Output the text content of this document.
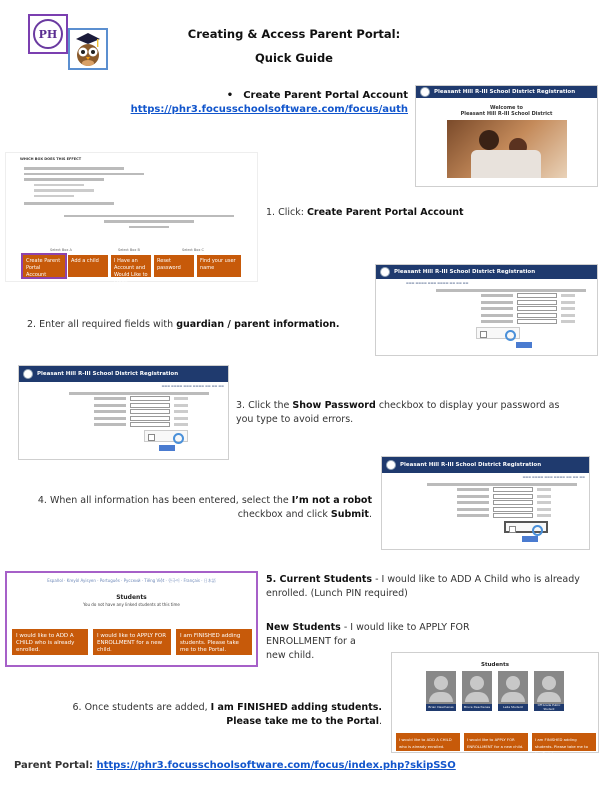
PH	Creating & Access Parent Portal:
Quick Guide
• Create Parent Portal Account
https://phr3.focusschoolsoftware.com/focus/auth
Pleasant Hill R-III School District Registration
Welcome to
Pleasant Hill R-III School District
WHICH BOX DOES THIS EFFECT
Select Box A	Select Box B	Select Box C
Create Parent Portal Account
Add a child	I Have an Account and Would Like to Login
Reset password
Find your user name
1. Click: Create Parent Portal Account
Pleasant Hill R-III School District Registration
▬▬▬ ▬▬▬▬ ▬▬▬ ▬▬▬▬ ▬▬ ▬▬ ▬▬
2. Enter all required fields with guardian / parent information.
Pleasant Hill R-III School District Registration
▬▬▬ ▬▬▬▬ ▬▬▬ ▬▬▬▬ ▬▬ ▬▬ ▬▬
3. Click the Show Password checkbox to display your password as you type to avoid errors.
Pleasant Hill R-III School District Registration
▬▬▬ ▬▬▬▬ ▬▬▬ ▬▬▬▬ ▬▬ ▬▬ ▬▬
4. When all information has been entered, select the I’m not a robot checkbox and click Submit.
Español · Kreyòl Ayisyen · Português · Русский · Tiếng Việt · 한국어 · Français · 日本語
Students
You do not have any linked students at this time
I would like to ADD A CHILD who is already enrolled.
I would like to APPLY FOR ENROLLMENT for a new child.
I am FINISHED adding students. Please take me to the Portal.
5. Current Students - I would like to ADD A Child who is already enrolled. (Lunch PIN required)
New Students - I would like to APPLY FOR
ENROLLMENT for a
new child.
Students
Brian Deschenes	Bruce Deschenes	Leila Student	Off Grade Public Student
I would like to ADD A CHILD who is already enrolled.
I would like to APPLY FOR ENROLLMENT for a new child.
I am FINISHED adding students. Please take me to the Portal.
6. Once students are added, I am FINISHED adding students.
Please take me to the Portal.
Parent Portal: https://phr3.focusschoolsoftware.com/focus/index.php?skipSSO
